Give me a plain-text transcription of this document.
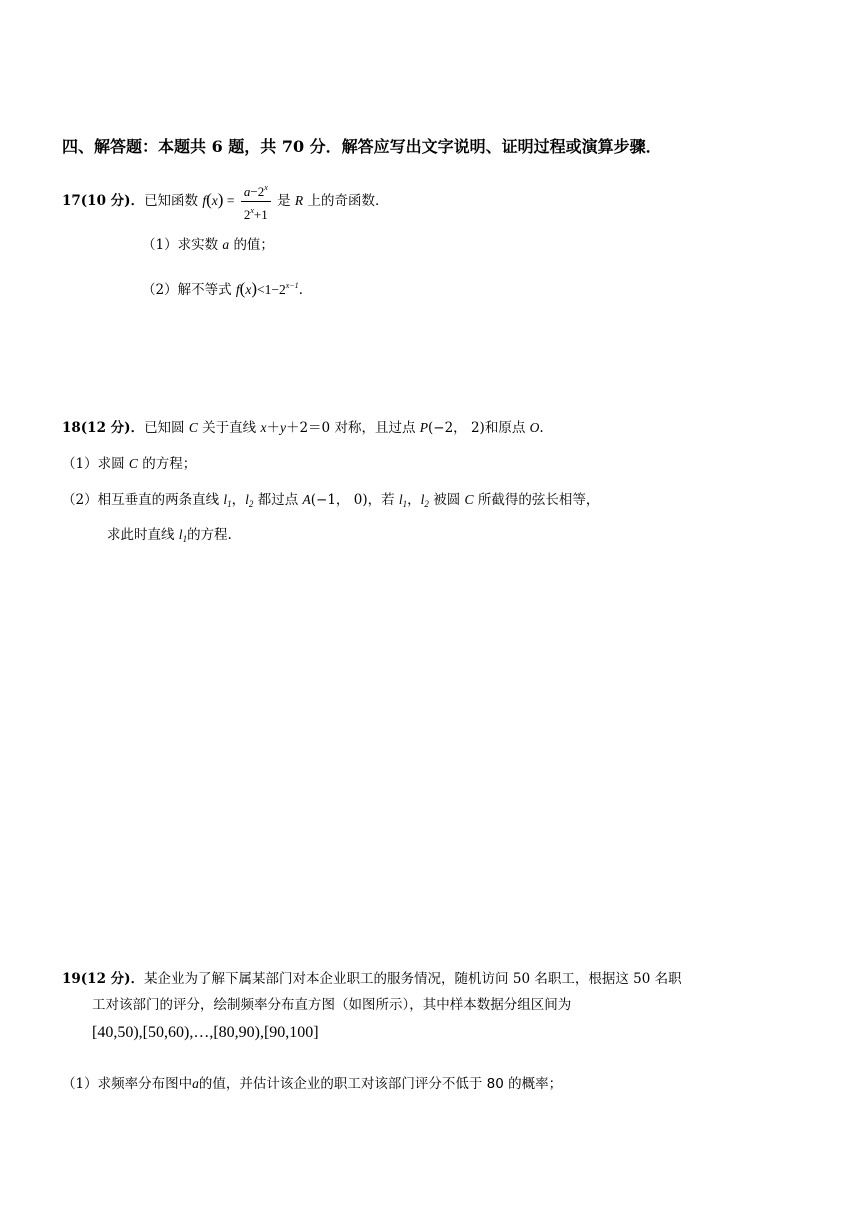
四、解答题：本题共 6 题，共 70 分．解答应写出文字说明、证明过程或演算步骤．
17(10 分)．已知函数 $f(x) = \frac{a-2^x}{2^x+1}$ 是 R 上的奇函数．
（1）求实数 a 的值；
（2）解不等式 $f(x)<1-2^{x-1}$．
18(12 分)．已知圆 C 关于直线 x＋y＋2＝0 对称，且过点 P(−2， 2)和原点 O.
（1）求圆 C 的方程；
（2）相互垂直的两条直线 $l_1$，$l_2$ 都过点 A(−1， 0)，若 $l_1$，$l_2$ 被圆 C 所截得的弦长相等，
求此时直线 $l_1$的方程.
19(12 分)．某企业为了解下属某部门对本企业职工的服务情况，随机访问 50 名职工，根据这 50 名职
工对该部门的评分，绘制频率分布直方图（如图所示），其中样本数据分组区间为
[40,50),[50,60),…,[80,90),[90,100]
（1）求频率分布图中a的值，并估计该企业的职工对该部门评分不低于 80 的概率；
